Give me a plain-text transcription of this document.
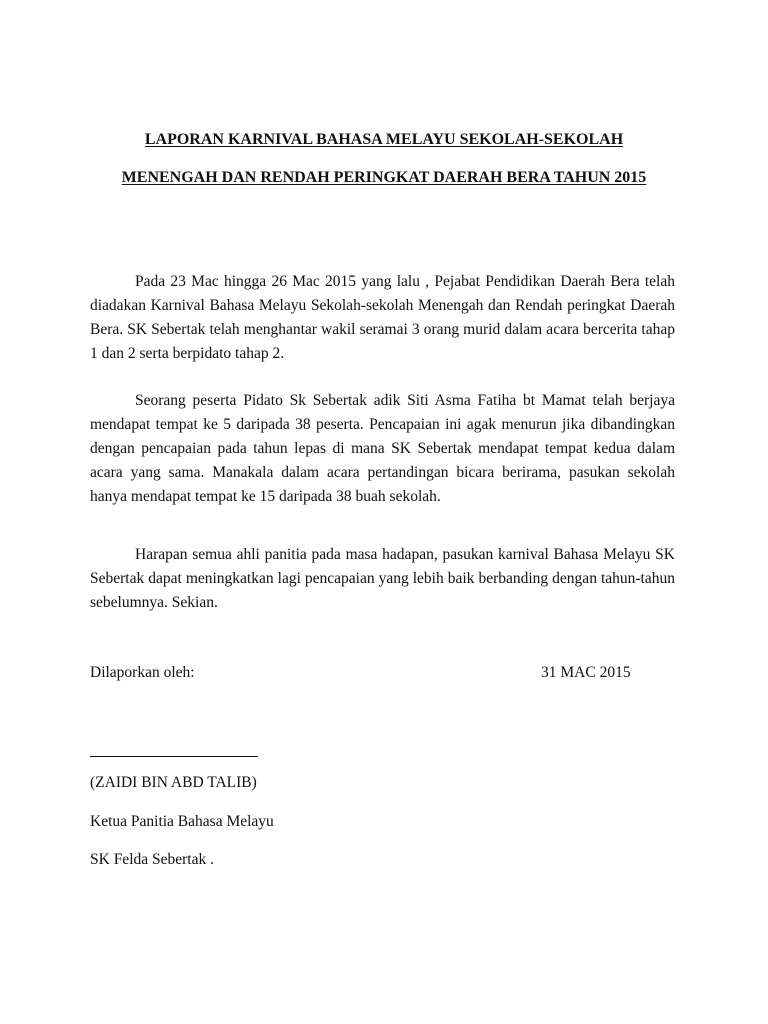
LAPORAN KARNIVAL BAHASA MELAYU SEKOLAH-SEKOLAH
MENENGAH DAN RENDAH PERINGKAT DAERAH BERA TAHUN 2015

Pada 23 Mac hingga 26 Mac 2015 yang lalu , Pejabat Pendidikan Daerah Bera telah diadakan Karnival Bahasa Melayu Sekolah-sekolah Menengah dan Rendah peringkat Daerah Bera. SK Sebertak telah menghantar wakil seramai 3 orang murid dalam acara bercerita tahap 1 dan 2 serta berpidato tahap 2.

Seorang peserta Pidato Sk Sebertak adik Siti Asma Fatiha bt Mamat telah berjaya mendapat tempat ke 5 daripada 38 peserta. Pencapaian ini agak menurun jika dibandingkan dengan pencapaian pada tahun lepas di mana SK Sebertak mendapat tempat kedua dalam acara yang sama. Manakala dalam acara pertandingan bicara berirama, pasukan sekolah hanya mendapat tempat ke 15 daripada 38 buah sekolah.

Harapan semua ahli panitia pada masa hadapan, pasukan karnival Bahasa Melayu SK Sebertak dapat meningkatkan lagi pencapaian yang lebih baik berbanding dengan tahun-tahun sebelumnya. Sekian.

Dilaporkan oleh:	31 MAC 2015
(ZAIDI BIN ABD TALIB)
Ketua Panitia Bahasa Melayu
SK Felda Sebertak .
